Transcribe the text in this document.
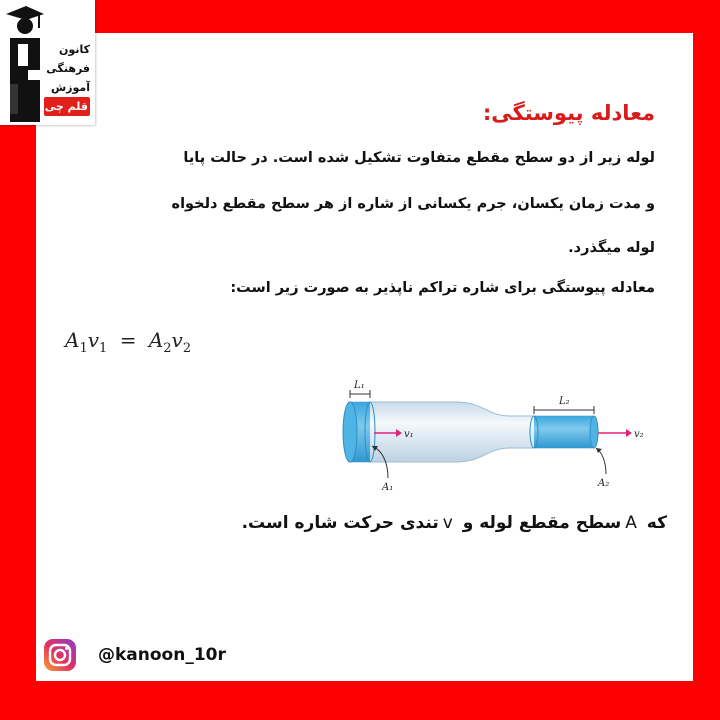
کانون
فرهنگی
آموزش
قلم چی	معادله پیوستگی:
لوله زیر از دو سطح مقطع متفاوت تشکیل شده است. در حالت پایا
و مدت زمان یکسان، جرم یکسانی از شاره از هر سطح مقطع دلخواه
لوله میگذرد.
معادله پیوستگی برای شاره تراکم ناپذیر به صورت زیر است:
$A_1v_1 = A_2v_2$
L₁
L₂
v₁	v₂
A₁	A₂
که Aسطح مقطع لوله و vتندی حرکت شاره است.
@kanoon_10r
